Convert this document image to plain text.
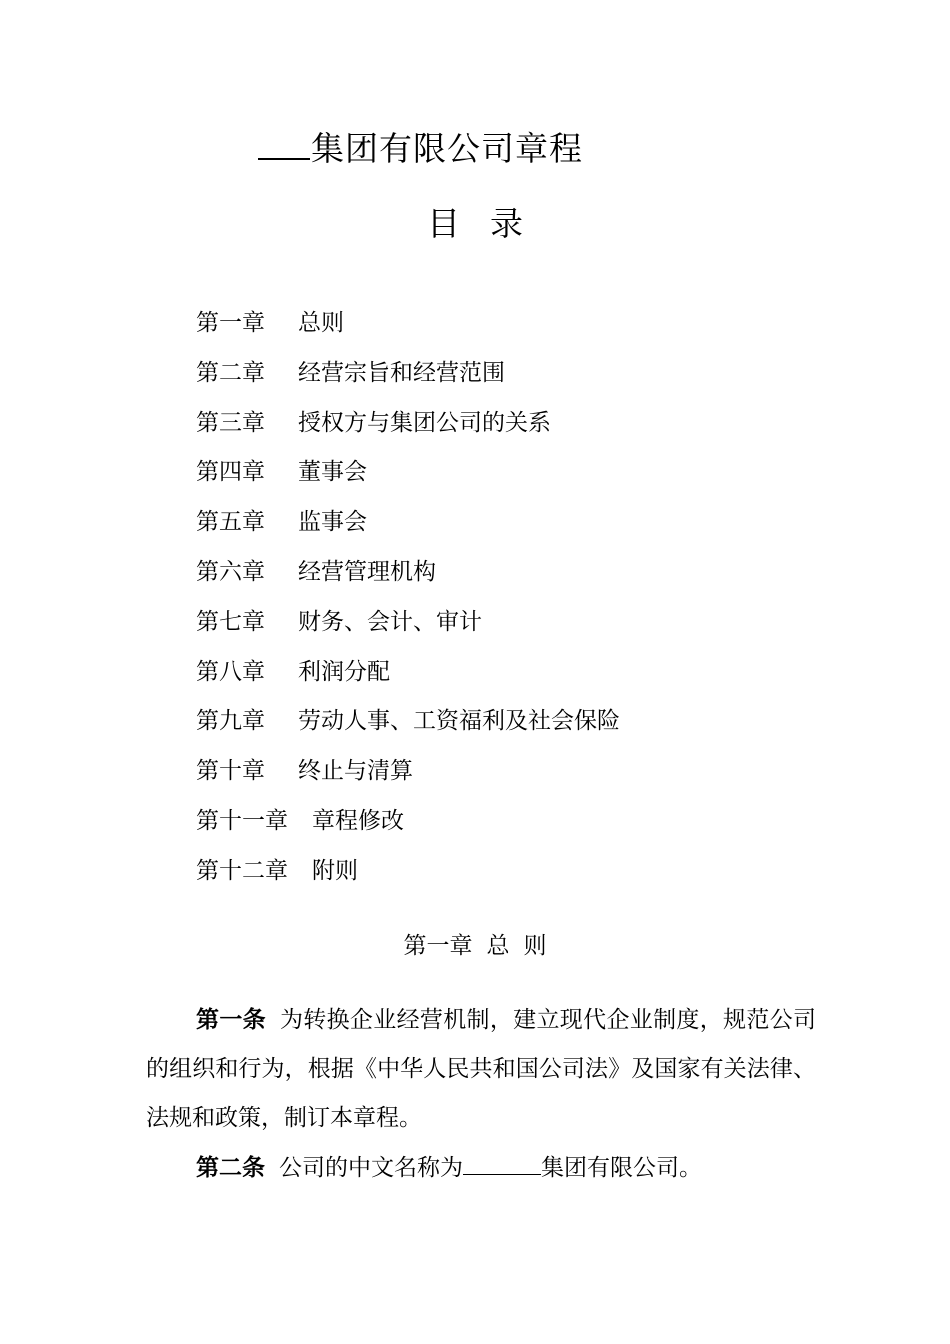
集团有限公司章程
目 录
第一章 总则
第二章 经营宗旨和经营范围
第三章 授权方与集团公司的关系
第四章 董事会
第五章 监事会
第六章 经营管理机构
第七章 财务、会计、审计
第八章 利润分配
第九章 劳动人事、工资福利及社会保险
第十章 终止与清算
第十一章 章程修改
第十二章 附则
第一章 总 则

第一条 为转换企业经营机制，建立现代企业制度，规范公司的组织和行为，根据《中华人民共和国公司法》及国家有关法律、法规和政策，制订本章程。

第二条 公司的中文名称为	集团有限公司。
